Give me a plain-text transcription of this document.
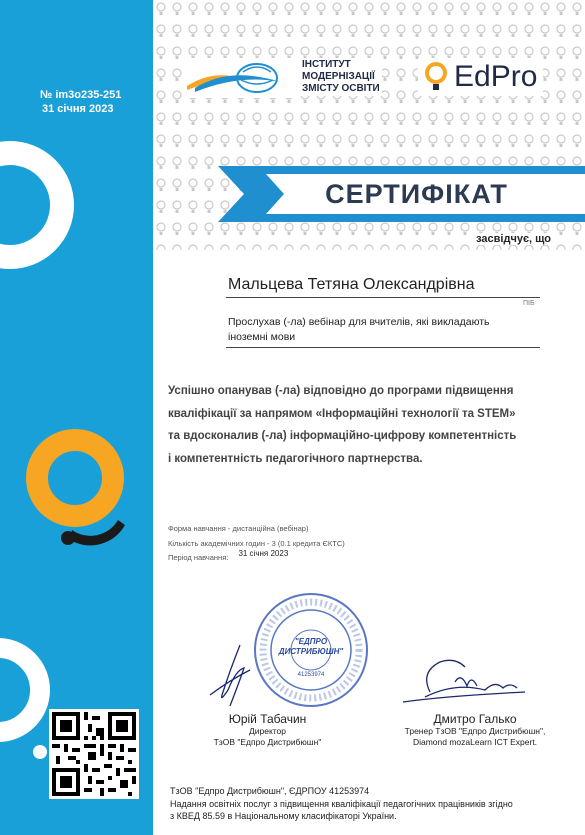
№ im3o235-251
31 січня 2023
ІНСТИТУТ
МОДЕРНІЗАЦІЇ
ЗМІСТУ ОСВІТИ EdPro
СЕРТИФІКАТ
засвідчує, що
Мальцева Тетяна Олександрівна
ПІБ
Прослухав (-ла) вебінар для вчителів, які викладають
іноземні мови
Успішно опанував (-ла) відповідно до програми підвищення
кваліфікації за напрямом «Інформаційні технології та STEM»
та вдосконалив (-ла) інформаційно-цифрову компетентність
і компетентність педагогічного партнерства.
Форма навчання - дистанційна (вебінар)
Кількість академічних годин - 3 (0.1 кредита ЄКТС)
Період навчання: 31 січня 2023
"ЕДПРО
ДИСТРИБЮШН"
41253974
Юрій Табачин
Директор
ТзОВ "Едпро Дистрибюшн"
Дмитро Галько
Тренер ТзОВ "Едпро Дистрибюшн",
Diamond mozaLearn ICT Expert.
ТзОВ "Едпро Дистрибюшн", ЄДРПОУ 41253974
Надання освітніх послуг з підвищення кваліфікації педагогічних працівників згідно
з КВЕД 85.59 в Національному класифікаторі України.
